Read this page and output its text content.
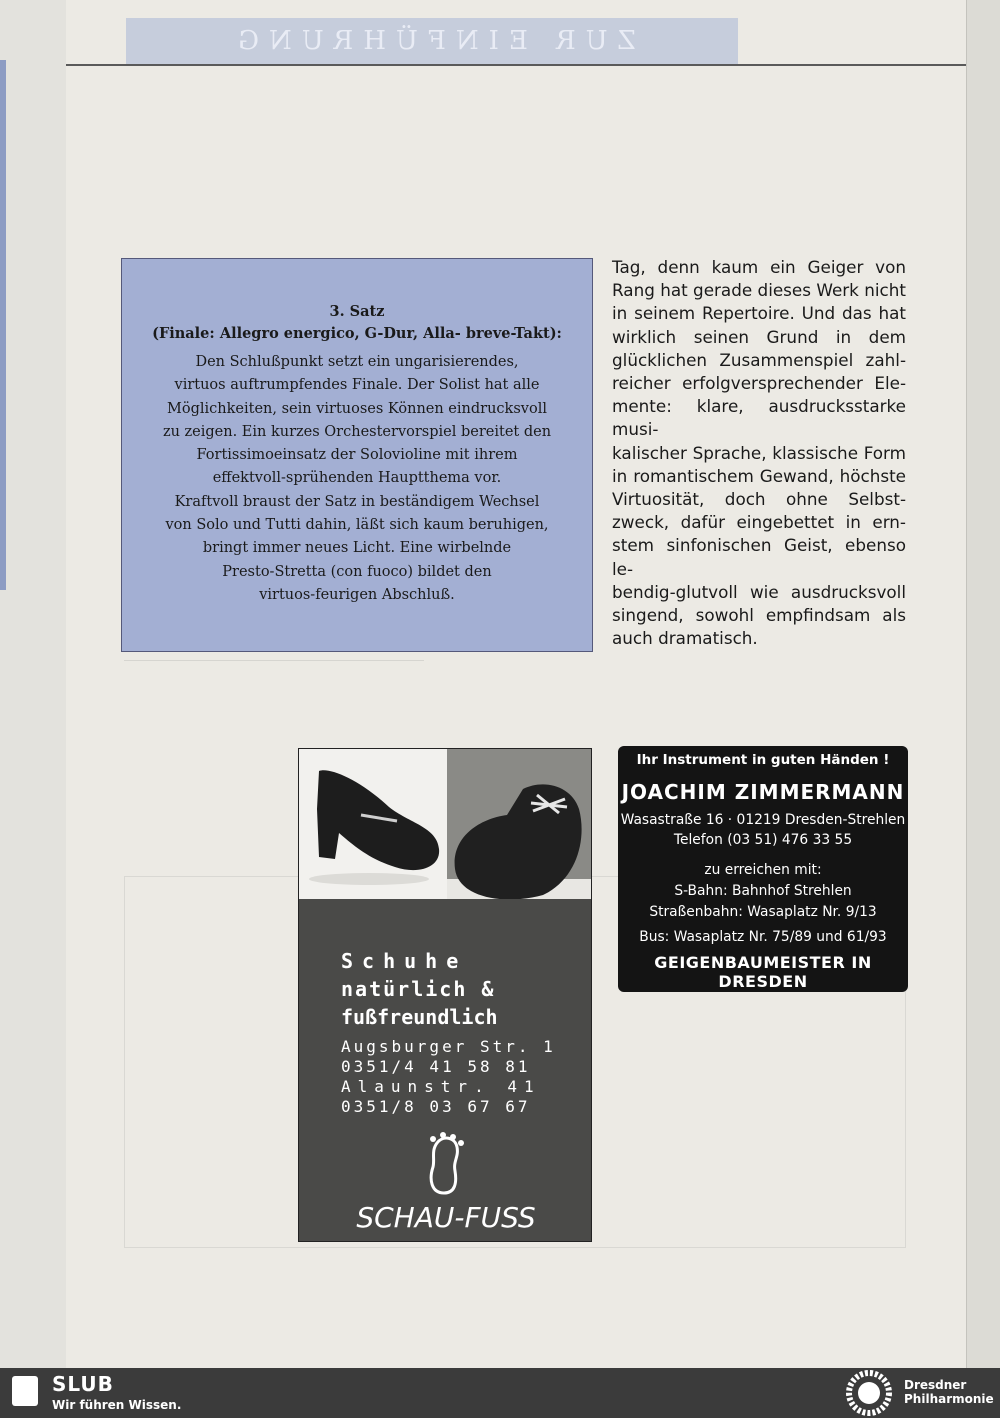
ZUR EINFÜHRUNG
3. Satz
(Finale: Allegro energico, G-Dur, Alla- breve-Takt):

Den Schlußpunkt setzt ein ungarisierendes,

virtuos auftrumpfendes Finale. Der Solist hat alle

Möglichkeiten, sein virtuoses Können eindrucksvoll

zu zeigen. Ein kurzes Orchestervorspiel bereitet den

Fortissimoeinsatz der Solovioline mit ihrem

effektvoll-sprühenden Hauptthema vor.

Kraftvoll braust der Satz in beständigem Wechsel

von Solo und Tutti dahin, läßt sich kaum beruhigen,

bringt immer neues Licht. Eine wirbelnde

Presto-Stretta (con fuoco) bildet den

virtuos-feurigen Abschluß.

Tag, denn kaum ein Geiger von

Rang hat gerade dieses Werk nicht

in seinem Repertoire. Und das hat

wirklich seinen Grund in dem

glücklichen Zusammenspiel zahl-

reicher erfolgversprechender Ele-

mente: klare, ausdrucksstarke musi-

kalischer Sprache, klassische Form

in romantischem Gewand, höchste

Virtuosität, doch ohne Selbst-

zweck, dafür eingebettet in ern-

stem sinfonischen Geist, ebenso le-

bendig-glutvoll wie ausdrucksvoll

singend, sowohl empfindsam als

auch dramatisch.

Schuhe
natürlich &
fußfreundlich
Augsburger Str. 1
0351/4 41 58 81
Alaunstr. 41
0351/8 03 67 67
SCHAU-FUSS
Ihr Instrument in guten Händen !
JOACHIM ZIMMERMANN
Wasastraße 16 · 01219 Dresden-Strehlen
Telefon (03 51) 476 33 55
zu erreichen mit:
S-Bahn: Bahnhof Strehlen
Straßenbahn: Wasaplatz Nr. 9/13
Bus: Wasaplatz Nr. 75/89 und 61/93
GEIGENBAUMEISTER IN DRESDEN
SLUB
Wir führen Wissen.
Dresdner
Philharmonie
